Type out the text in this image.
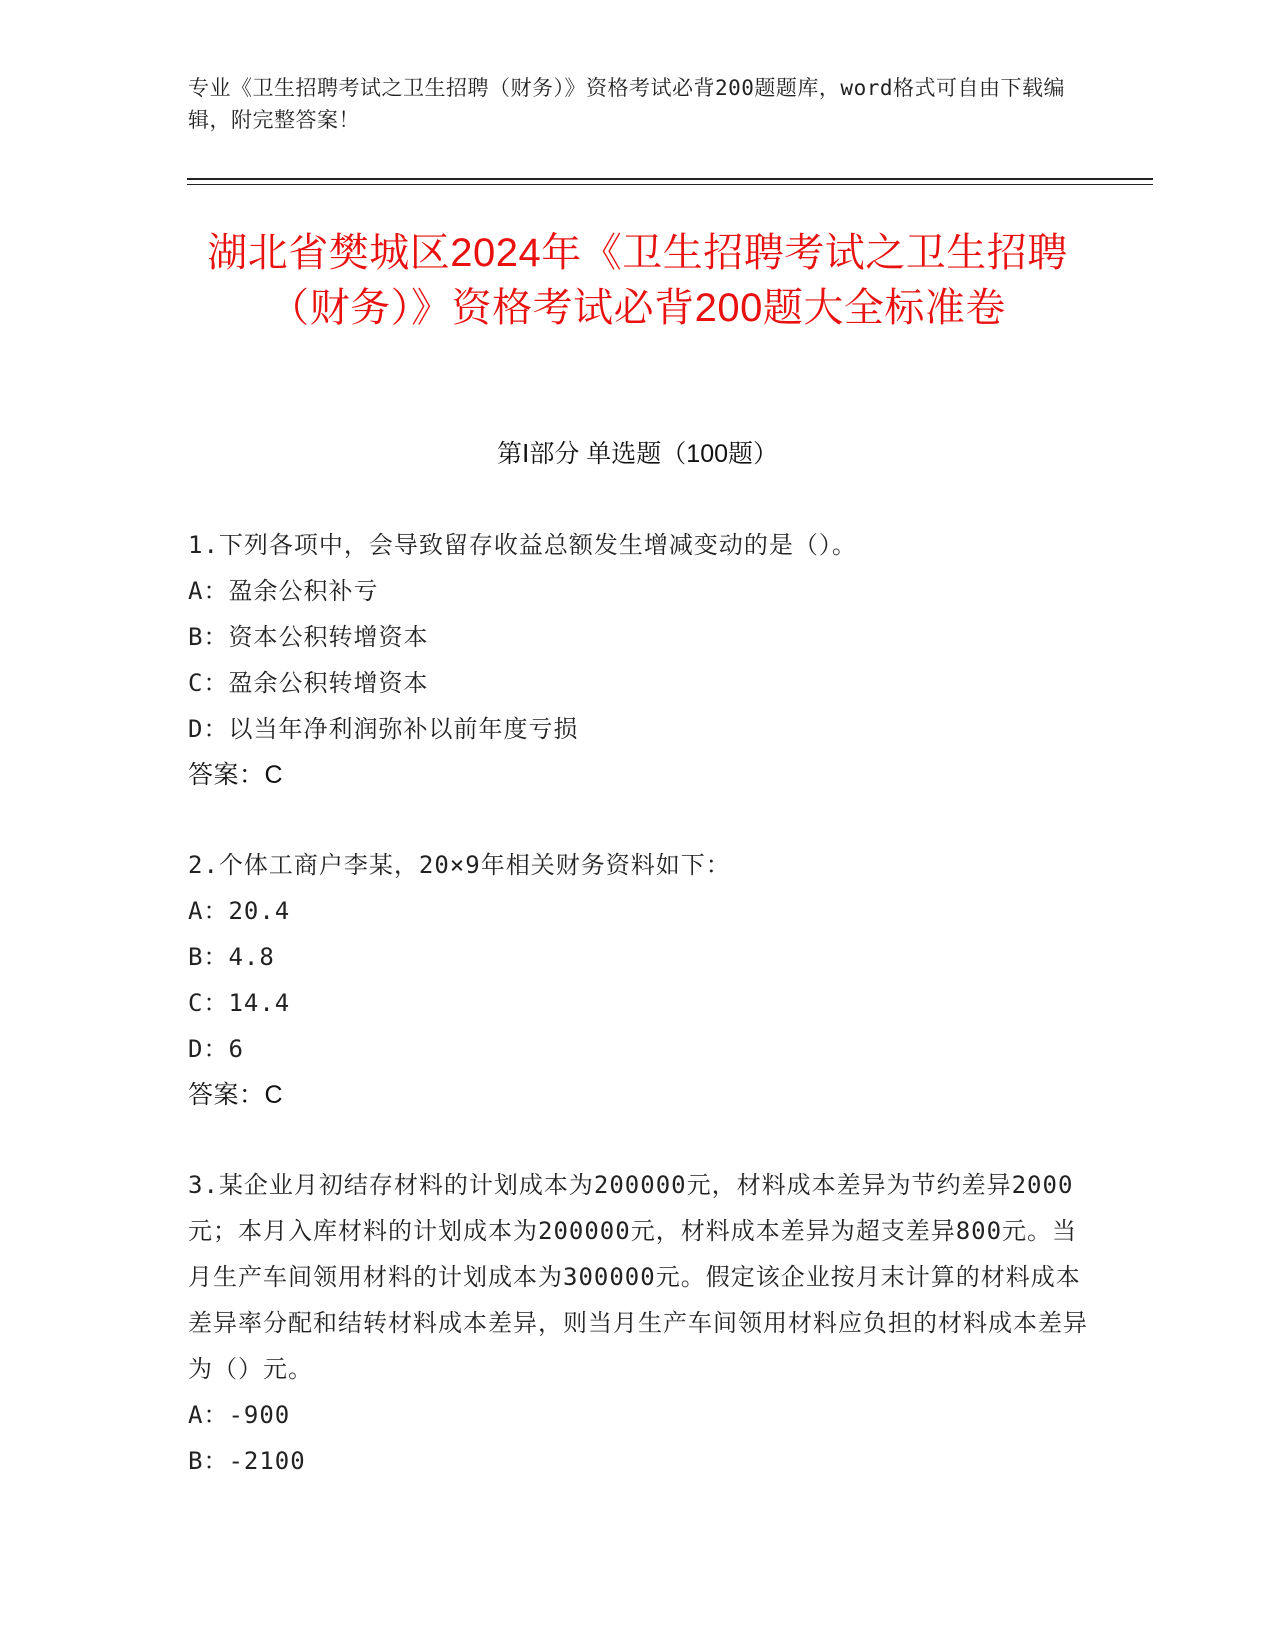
专业《卫生招聘考试之卫生招聘（财务）》资格考试必背200题题库，word格式可自由下载编辑，附完整答案！
湖北省樊城区2024年《卫生招聘考试之卫生招聘（财务）》资格考试必背200题大全标准卷
第Ⅰ部分 单选题（100题）
1.下列各项中，会导致留存收益总额发生增减变动的是（）。
A：盈余公积补亏
B：资本公积转增资本
C：盈余公积转增资本
D：以当年净利润弥补以前年度亏损
答案：C
2.个体工商户李某，20×9年相关财务资料如下：
A：20.4
B：4.8
C：14.4
D：6
答案：C
3.某企业月初结存材料的计划成本为200000元，材料成本差异为节约差异2000元；本月入库材料的计划成本为200000元，材料成本差异为超支差异800元。当月生产车间领用材料的计划成本为300000元。假定该企业按月末计算的材料成本差异率分配和结转材料成本差异，则当月生产车间领用材料应负担的材料成本差异为（）元。
A：-900
B：-2100
